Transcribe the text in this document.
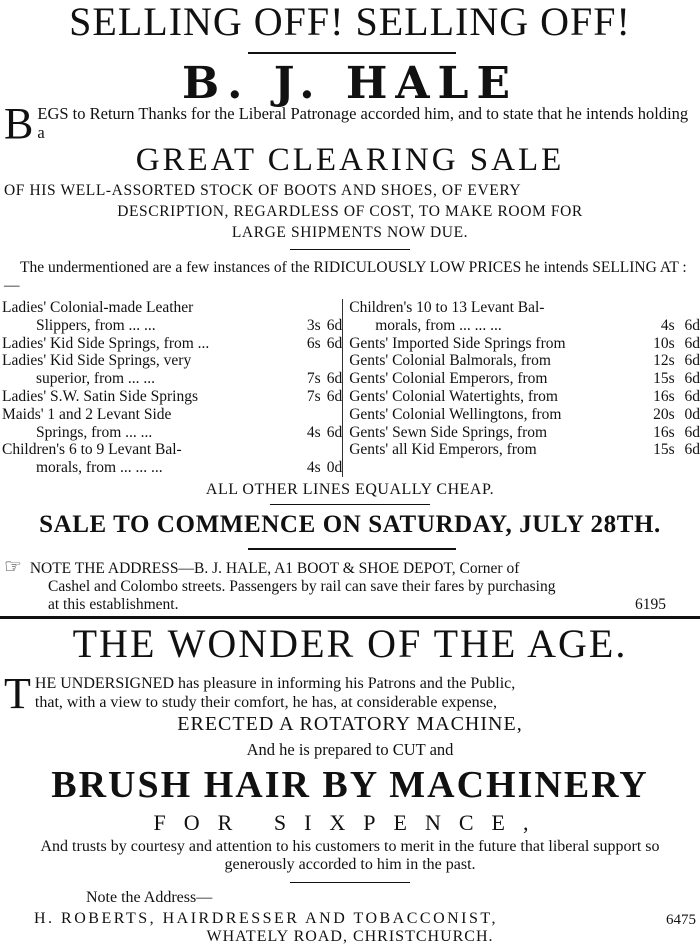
SELLING OFF! SELLING OFF!
B. J. HALE
B EGS to Return Thanks for the Liberal Patronage accorded him, and to state that he intends holding a
GREAT CLEARING SALE
OF HIS WELL-ASSORTED STOCK OF BOOTS AND SHOES, OF EVERY
DESCRIPTION, REGARDLESS OF COST, TO MAKE ROOM FOR
LARGE SHIPMENTS NOW DUE.
The undermentioned are a few instances of the RIDICULOUSLY LOW PRICES he intends SELLING AT :—
Ladies' Colonial-made Leather			Children's 10 to 13 Levant Bal-		
Slippers, from ... ...	3s	6d	morals, from ... ... ...	4s	6d
Ladies' Kid Side Springs, from ...	6s	6d	Gents' Imported Side Springs from	10s	6d
Ladies' Kid Side Springs, very			Gents' Colonial Balmorals, from	12s	6d
superior, from ... ...	7s	6d	Gents' Colonial Emperors, from	15s	6d
Ladies' S.W. Satin Side Springs	7s	6d	Gents' Colonial Watertights, from	16s	6d
Maids' 1 and 2 Levant Side			Gents' Colonial Wellingtons, from	20s	0d
Springs, from ... ...	4s	6d	Gents' Sewn Side Springs, from	16s	6d
Children's 6 to 9 Levant Bal-			Gents' all Kid Emperors, from	15s	6d
morals, from ... ... ...	4s	0d			
ALL OTHER LINES EQUALLY CHEAP.
SALE TO COMMENCE ON SATURDAY, JULY 28TH.
☞ NOTE THE ADDRESS—B. J. HALE, A1 BOOT & SHOE DEPOT, Corner of
Cashel and Colombo streets. Passengers by rail can save their fares by purchasing
at this establishment.	6195
THE WONDER OF THE AGE.
T HE UNDERSIGNED has pleasure in informing his Patrons and the Public,
that, with a view to study their comfort, he has, at considerable expense,
ERECTED A ROTATORY MACHINE,
And he is prepared to CUT and
BRUSH HAIR BY MACHINERY
FOR SIXPENCE,
And trusts by courtesy and attention to his customers to merit in the future that liberal support so generously accorded to him in the past.
Note the Address—
H. ROBERTS, HAIRDRESSER AND TOBACCONIST,	6475
WHATELY ROAD, CHRISTCHURCH.
